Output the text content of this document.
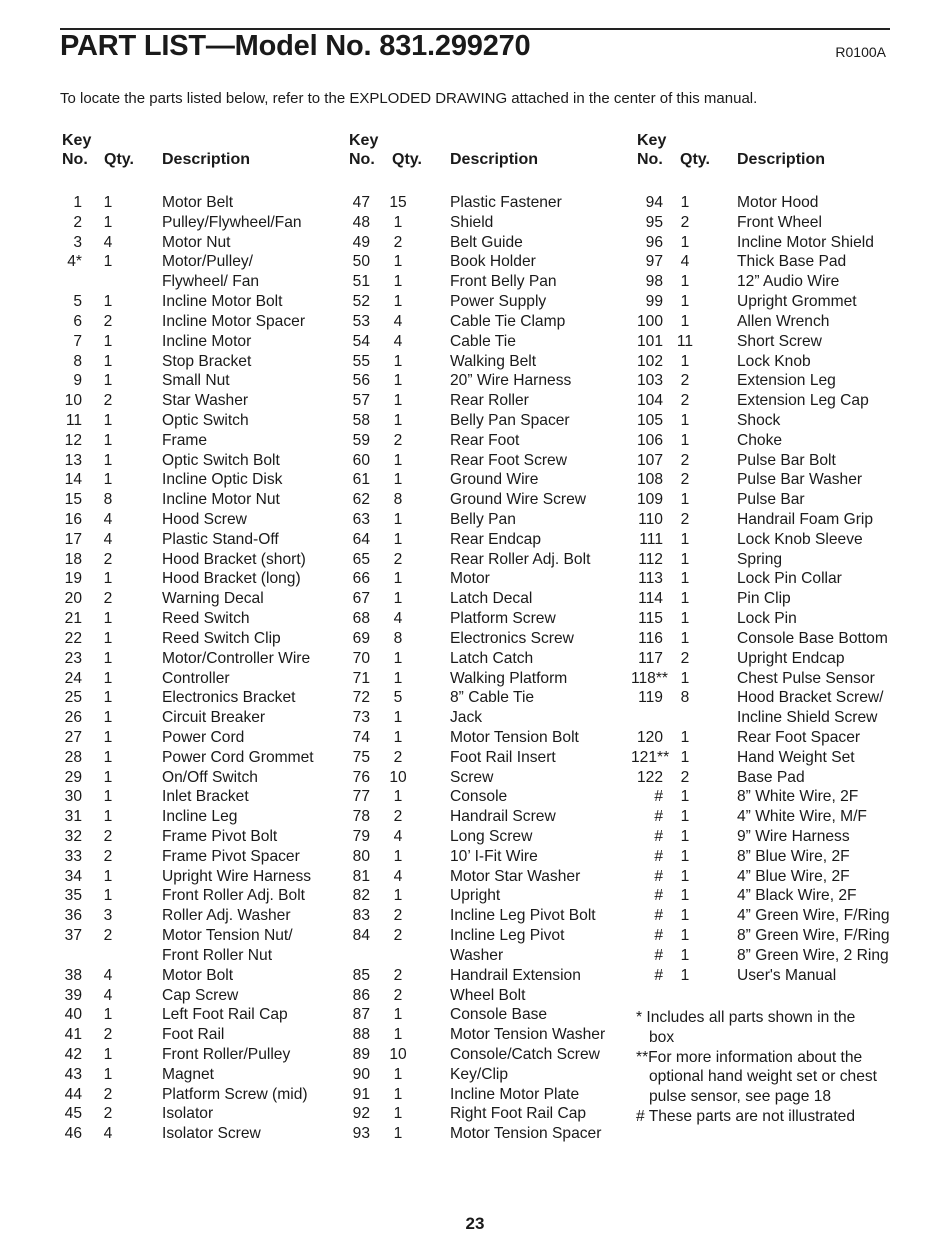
PART LIST—Model No. 831.299270	R0100A
To locate the parts listed below, refer to the EXPLODED DRAWING attached in the center of this manual.
Key
No. Qty. Description
Key
No. Qty. Description
Key
No. Qty. Description
1	1	Motor Belt
2	1	Pulley/Flywheel/Fan
3	4	Motor Nut
4*	1	Motor/Pulley/
Flywheel/ Fan
5	1	Incline Motor Bolt
6	2	Incline Motor Spacer
7	1	Incline Motor
8	1	Stop Bracket
9	1	Small Nut
10	2	Star Washer
11	1	Optic Switch
12	1	Frame
13	1	Optic Switch Bolt
14	1	Incline Optic Disk
15	8	Incline Motor Nut
16	4	Hood Screw
17	4	Plastic Stand-Off
18	2	Hood Bracket (short)
19	1	Hood Bracket (long)
20	2	Warning Decal
21	1	Reed Switch
22	1	Reed Switch Clip
23	1	Motor/Controller Wire
24	1	Controller
25	1	Electronics Bracket
26	1	Circuit Breaker
27	1	Power Cord
28	1	Power Cord Grommet
29	1	On/Off Switch
30	1	Inlet Bracket
31	1	Incline Leg
32	2	Frame Pivot Bolt
33	2	Frame Pivot Spacer
34	1	Upright Wire Harness
35	1	Front Roller Adj. Bolt
36	3	Roller Adj. Washer
37	2	Motor Tension Nut/
Front Roller Nut
38	4	Motor Bolt
39	4	Cap Screw
40	1	Left Foot Rail Cap
41	2	Foot Rail
42	1	Front Roller/Pulley
43	1	Magnet
44	2	Platform Screw (mid)
45	2	Isolator
46	4	Isolator Screw
47 15	Plastic Fastener
48	1	Shield
49	2	Belt Guide
50	1	Book Holder
51	1	Front Belly Pan
52	1	Power Supply
53	4	Cable Tie Clamp
54	4	Cable Tie
55	1	Walking Belt
56	1	20” Wire Harness
57	1	Rear Roller
58	1	Belly Pan Spacer
59	2	Rear Foot
60	1	Rear Foot Screw
61	1	Ground Wire
62	8	Ground Wire Screw
63	1	Belly Pan
64	1	Rear Endcap
65	2	Rear Roller Adj. Bolt
66	1	Motor
67	1	Latch Decal
68	4	Platform Screw
69	8	Electronics Screw
70	1	Latch Catch
71	1	Walking Platform
72	5	8” Cable Tie
73	1	Jack
74	1	Motor Tension Bolt
75	2	Foot Rail Insert
76 10	Screw
77	1	Console
78	2	Handrail Screw
79	4	Long Screw
80	1	10’ I-Fit Wire
81	4	Motor Star Washer
82	1	Upright
83	2	Incline Leg Pivot Bolt
84	2	Incline Leg Pivot
Washer
85	2	Handrail Extension
86	2	Wheel Bolt
87	1	Console Base
88	1	Motor Tension Washer
89 10	Console/Catch Screw
90	1	Key/Clip
91	1	Incline Motor Plate
92	1	Right Foot Rail Cap
93	1	Motor Tension Spacer
94	1	Motor Hood
95	2	Front Wheel
96	1	Incline Motor Shield
97	4	Thick Base Pad
98	1	12” Audio Wire
99	1	Upright Grommet
100	1	Allen Wrench
101 11	Short Screw
102	1	Lock Knob
103	2	Extension Leg
104	2	Extension Leg Cap
105	1	Shock
106	1	Choke
107	2	Pulse Bar Bolt
108	2	Pulse Bar Washer
109	1	Pulse Bar
110	2	Handrail Foam Grip
111	1	Lock Knob Sleeve
112	1	Spring
113	1	Lock Pin Collar
114	1	Pin Clip
115	1	Lock Pin
116	1	Console Base Bottom
117	2	Upright Endcap
118** 1	Chest Pulse Sensor
119	8	Hood Bracket Screw/
Incline Shield Screw
120	1	Rear Foot Spacer
121** 1	Hand Weight Set
122	2	Base Pad
#	1	8” White Wire, 2F
#	1	4” White Wire, M/F
#	1	9” Wire Harness
#	1	8” Blue Wire, 2F
#	1	4” Blue Wire, 2F
#	1	4” Black Wire, 2F
#	1	4” Green Wire, F/Ring
#	1	8” Green Wire, F/Ring
#	1	8” Green Wire, 2 Ring
#	1	User's Manual
* Includes all parts shown in the
box
**For more information about the
optional hand weight set or chest
pulse sensor, see page 18
# These parts are not illustrated
23
